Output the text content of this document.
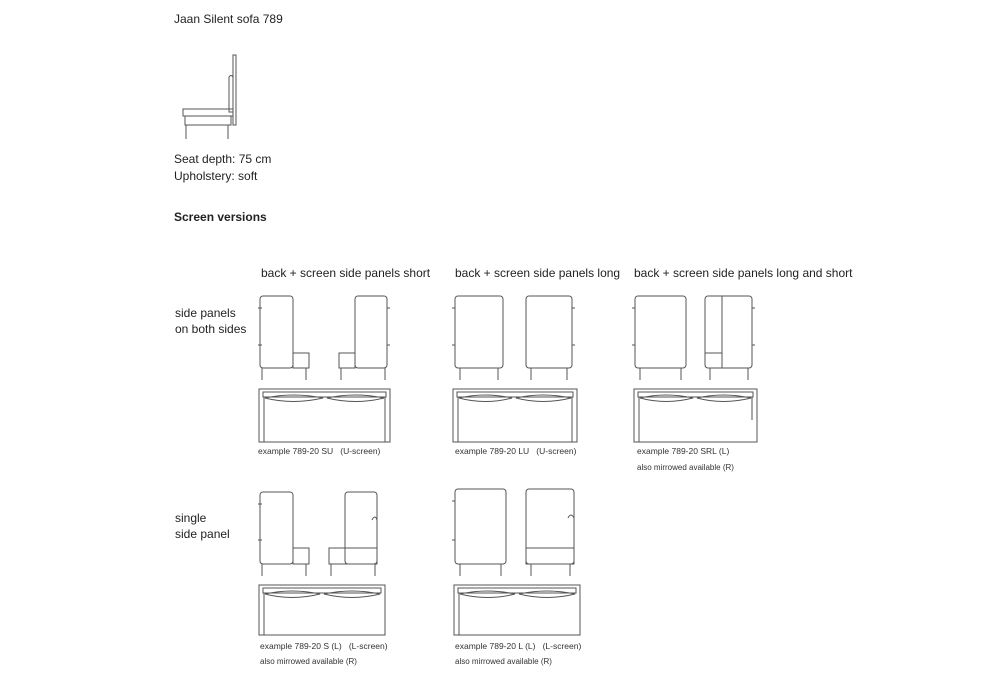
Jaan Silent sofa 789
Seat depth: 75 cm
Upholstery: soft
Screen versions
back + screen side panels short back + screen side panels long back + screen side panels long and short
side panels
on both sides
single
side panel
example 789-20 SU (U-screen)	example 789-20 LU (U-screen)	example 789-20 SRL (L)
also mirrowed available (R)
example 789-20 S (L) (L-screen)
also mirrowed available (R)
example 789-20 L (L) (L-screen)
also mirrowed available (R)
